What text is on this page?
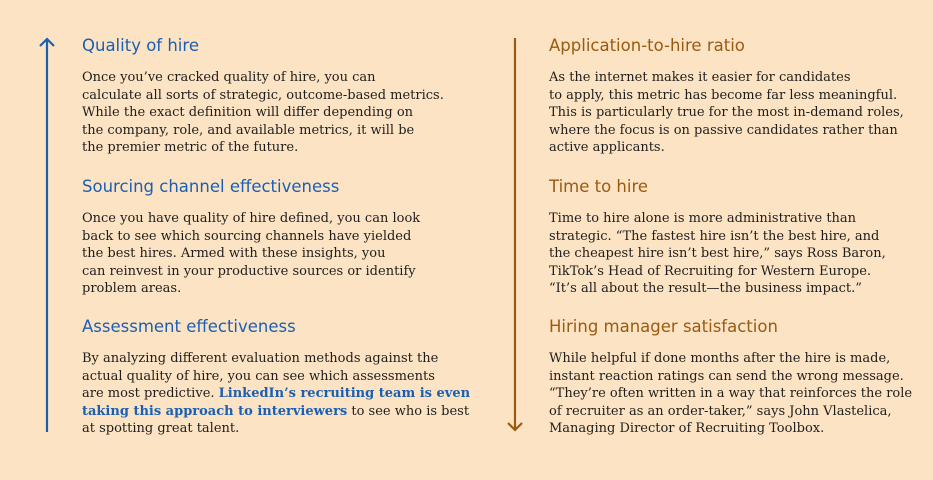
Quality of hire

Once you’ve cracked quality of hire, you can
calculate all sorts of strategic, outcome-based metrics.
While the exact definition will differ depending on
the company, role, and available metrics, it will be
the premier metric of the future.

Sourcing channel effectiveness

Once you have quality of hire defined, you can look
back to see which sourcing channels have yielded
the best hires. Armed with these insights, you
can reinvest in your productive sources or identify
problem areas.

Assessment effectiveness

By analyzing different evaluation methods against the
actual quality of hire, you can see which assessments
are most predictive. LinkedIn’s recruiting team is even
taking this approach to interviewers to see who is best
at spotting great talent.

Application-to-hire ratio

As the internet makes it easier for candidates
to apply, this metric has become far less meaningful.
This is particularly true for the most in-demand roles,
where the focus is on passive candidates rather than
active applicants.

Time to hire

Time to hire alone is more administrative than
strategic. “The fastest hire isn’t the best hire, and
the cheapest hire isn’t best hire,” says Ross Baron,
TikTok’s Head of Recruiting for Western Europe.
“It’s all about the result—the business impact.”

Hiring manager satisfaction

While helpful if done months after the hire is made,
instant reaction ratings can send the wrong message.
“They’re often written in a way that reinforces the role
of recruiter as an order-taker,” says John Vlastelica,
Managing Director of Recruiting Toolbox.
